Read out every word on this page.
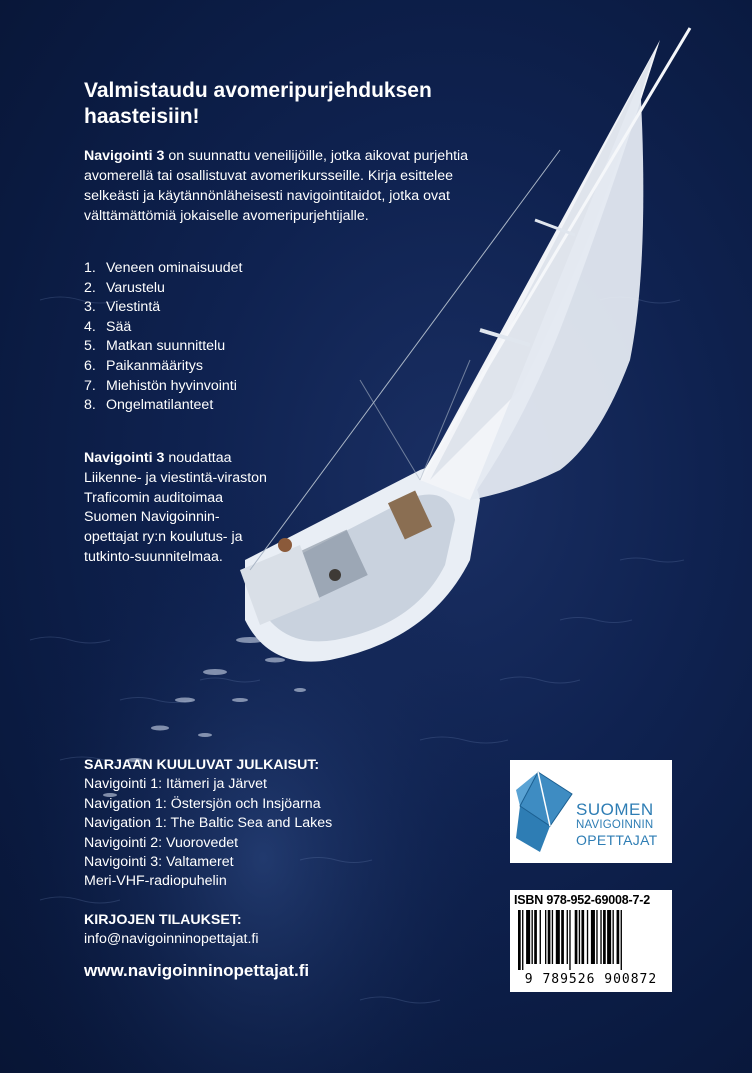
Valmistaudu avomeripurjehduksen haasteisiin!
Navigointi 3 on suunnattu veneilijöille, jotka aikovat purjehtia avomerellä tai osallistuvat avomerikursseille. Kirja esittelee selkeästi ja käytännönläheisesti navigointitaidot, jotka ovat välttämättömiä jokaiselle avomeripurjehtijalle.
1. Veneen ominaisuudet
2. Varustelu
3. Viestintä
4. Sää
5. Matkan suunnittelu
6. Paikanmääritys
7. Miehistön hyvinvointi
8. Ongelmatilanteet
Navigointi 3 noudattaa Liikenne- ja viestintä-viraston Traficomin auditoimaa Suomen Navigoinnin-opettajat ry:n koulutus- ja tutkinto-suunnitelmaa.
SARJAAN KUULUVAT JULKAISUT:
Navigointi 1: Itämeri ja Järvet
Navigation 1: Östersjön och Insjöarna
Navigation 1: The Baltic Sea and Lakes
Navigointi 2: Vuorovedet
Navigointi 3: Valtameret
Meri-VHF-radiopuhelin
KIRJOJEN TILAUKSET:
info@navigoinninopettajat.fi
www.navigoinninopettajat.fi
SUOMEN
NAVIGOINNIN
OPETTAJAT
ISBN 978-952-69008-7-2
9 789526 900872
